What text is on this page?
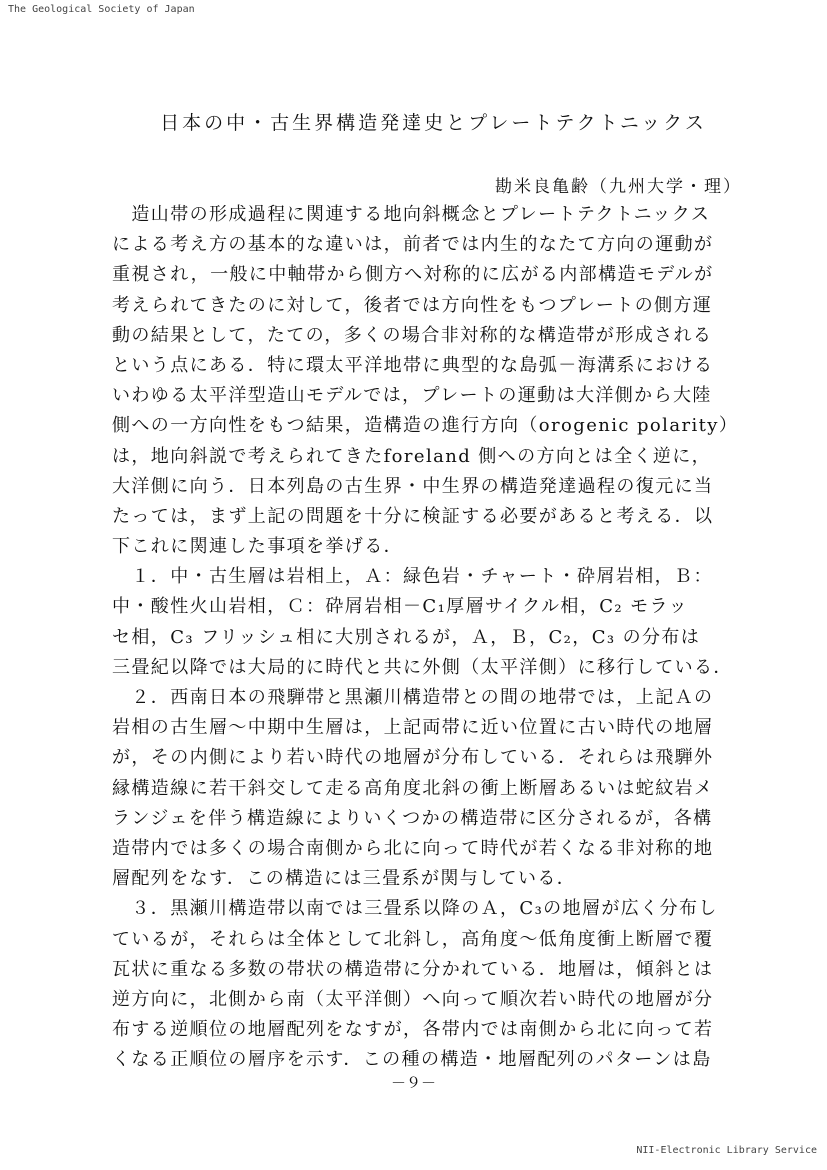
The Geological Society of Japan
日本の中・古生界構造発達史とプレートテクトニックス
勘米良亀齢（九州大学・理）
　造山帯の形成過程に関連する地向斜概念とプレートテクトニックス
による考え方の基本的な違いは，前者では内生的なたて方向の運動が
重視され，一般に中軸帯から側方へ対称的に広がる内部構造モデルが
考えられてきたのに対して，後者では方向性をもつプレートの側方運
動の結果として，たての，多くの場合非対称的な構造帯が形成される
という点にある．特に環太平洋地帯に典型的な島弧－海溝系における
いわゆる太平洋型造山モデルでは，プレートの運動は大洋側から大陸
側への一方向性をもつ結果，造構造の進行方向（orogenic polarity）
は，地向斜説で考えられてきたforeland 側への方向とは全く逆に，
大洋側に向う．日本列島の古生界・中生界の構造発達過程の復元に当
たっては，まず上記の問題を十分に検証する必要があると考える．以
下これに関連した事項を挙げる．
　１．中・古生層は岩相上，Ａ：緑色岩・チャート・砕屑岩相，Ｂ：
中・酸性火山岩相，Ｃ：砕屑岩相－C₁厚層サイクル相，C₂ モラッ
セ相，C₃ フリッシュ相に大別されるが，Ａ，Ｂ，C₂，C₃ の分布は
三畳紀以降では大局的に時代と共に外側（太平洋側）に移行している．
　２．西南日本の飛騨帯と黒瀬川構造帯との間の地帯では，上記Ａの
岩相の古生層～中期中生層は，上記両帯に近い位置に古い時代の地層
が，その内側により若い時代の地層が分布している．それらは飛騨外
縁構造線に若干斜交して走る高角度北斜の衝上断層あるいは蛇紋岩メ
ランジェを伴う構造線によりいくつかの構造帯に区分されるが，各構
造帯内では多くの場合南側から北に向って時代が若くなる非対称的地
層配列をなす．この構造には三畳系が関与している．
　３．黒瀬川構造帯以南では三畳系以降のＡ，C₃の地層が広く分布し
ているが，それらは全体として北斜し，高角度～低角度衝上断層で覆
瓦状に重なる多数の帯状の構造帯に分かれている．地層は，傾斜とは
逆方向に，北側から南（太平洋側）へ向って順次若い時代の地層が分
布する逆順位の地層配列をなすが，各帯内では南側から北に向って若
くなる正順位の層序を示す．この種の構造・地層配列のパターンは島
－９－
NII-Electronic Library Service
